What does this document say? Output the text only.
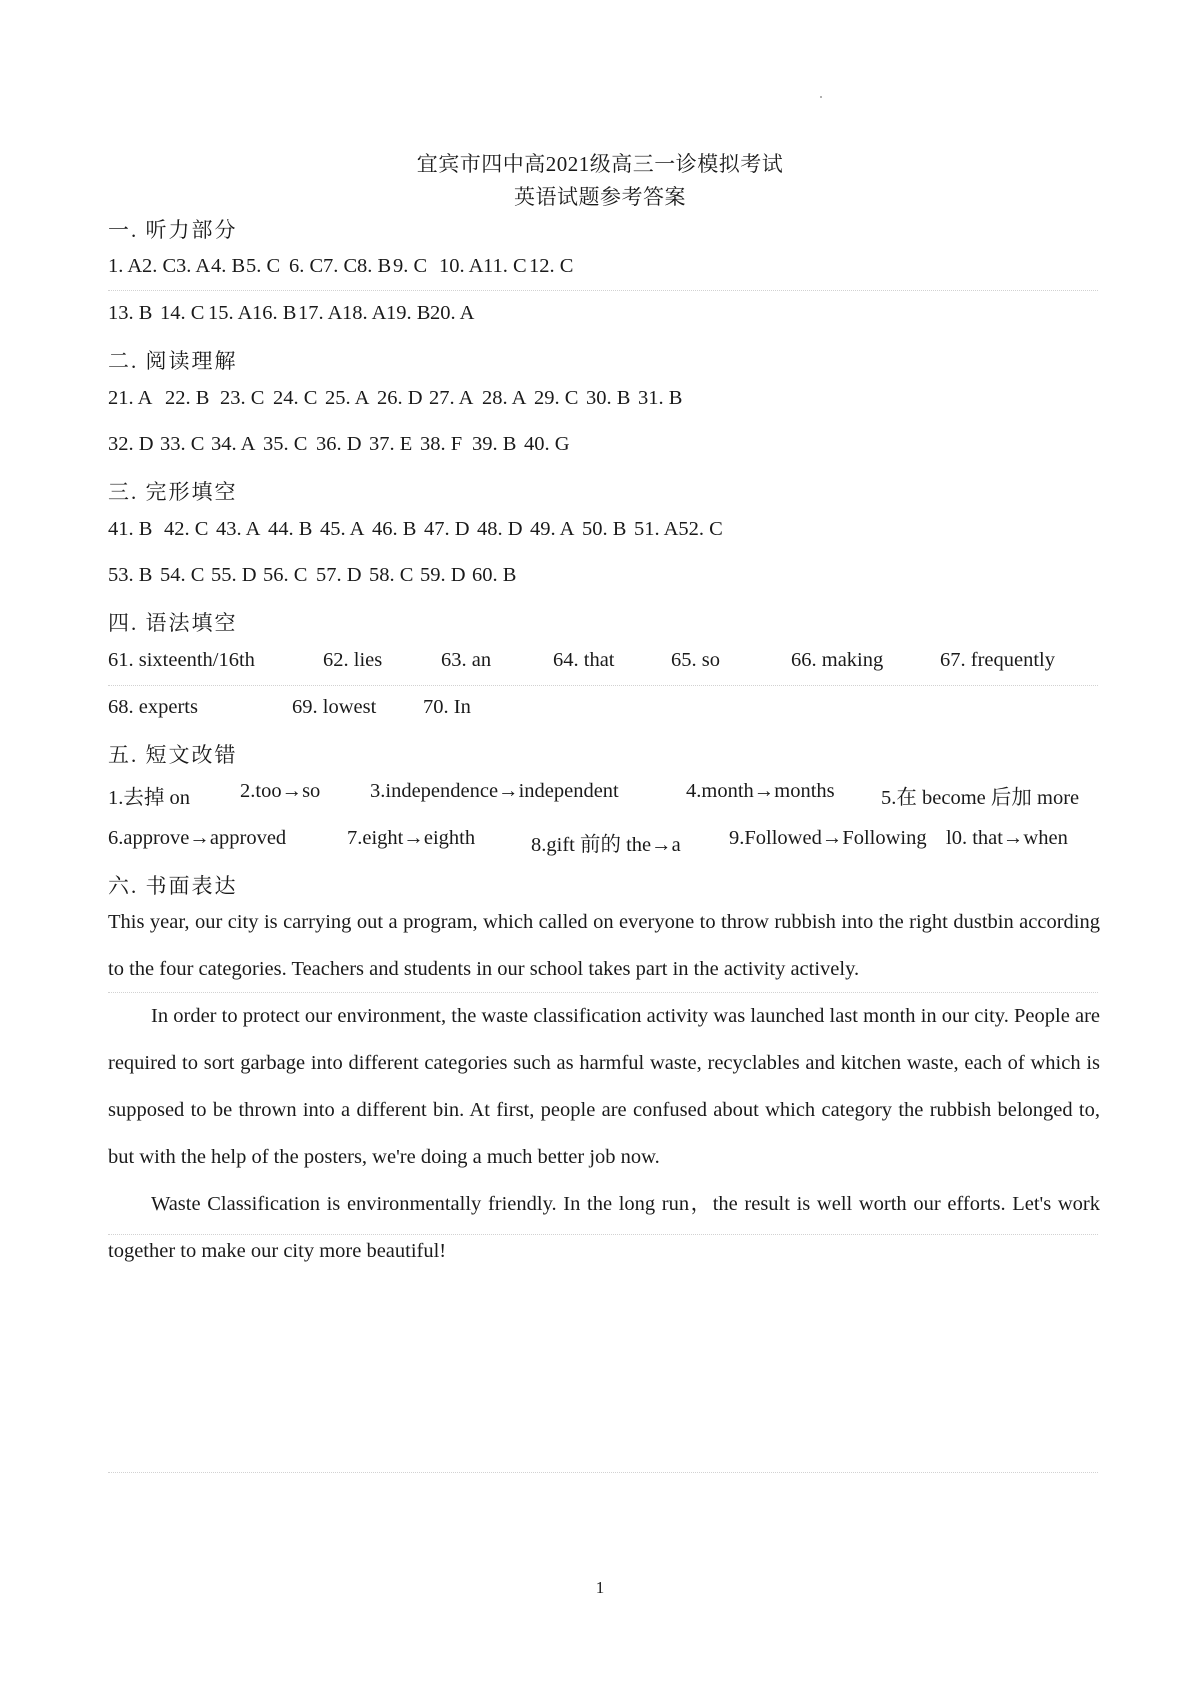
宜宾市四中高2021级高三一诊模拟考试
英语试题参考答案
一. 听力部分
1. A 2. C 3. A 4. B 5. C 6. C 7. C 8. B 9. C 10. A 11. C 12. C
13. B 14. C 15. A 16. B 17. A 18. A 19. B 20. A
二. 阅读理解
21. A 22. B 23. C 24. C 25. A 26. D 27. A 28. A 29. C 30. B 31. B
32. D 33. C 34. A 35. C 36. D 37. E 38. F 39. B 40. G
三. 完形填空
41. B 42. C 43. A 44. B 45. A 46. B 47. D 48. D 49. A 50. B 51. A52. C
53. B 54. C 55. D 56. C 57. D 58. C 59. D 60. B
四. 语法填空
61. sixteenth/16th	62. lies	63. an	64. that	65. so	66. making	67. frequently
68. experts	69. lowest 70. In
五. 短文改错
1.去掉 on 2.too→so 3.independence→independent	4.month→months 5.在 become 后加 more
6.approve→approved	7.eight→eighth	8.gift 前的 the→a 9.Followed→Following l0. that→when
六. 书面表达

This year, our city is carrying out a program, which called on everyone to throw rubbish into the right dustbin according to the four categories. Teachers and students in our school takes part in the activity actively.

In order to protect our environment, the waste classification activity was launched last month in our city. People are required to sort garbage into different categories such as harmful waste, recyclables and kitchen waste, each of which is supposed to be thrown into a different bin. At first, people are confused about which category the rubbish belonged to, but with the help of the posters, we're doing a much better job now.

Waste Classification is environmentally friendly. In the long run，the result is well worth our efforts. Let's work together to make our city more beautiful!

1
